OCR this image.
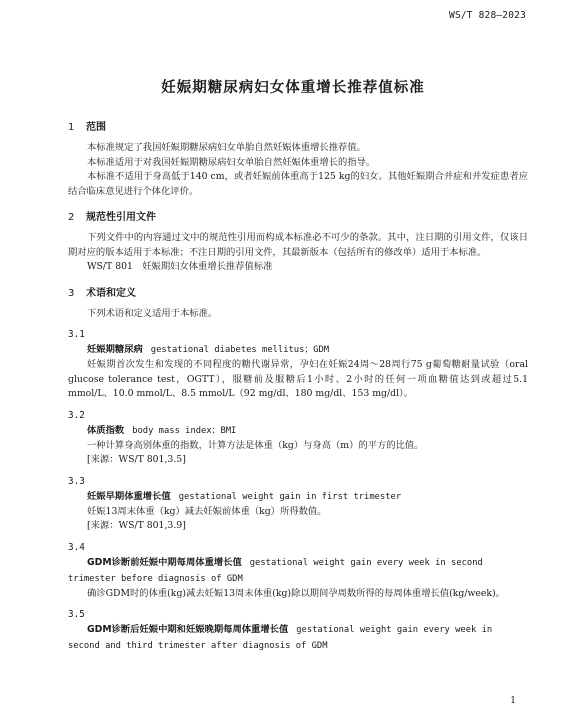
WS/T 828—2023
妊娠期糖尿病妇女体重增长推荐值标准

1 范围

本标准规定了我国妊娠期糖尿病妇女单胎自然妊娠体重增长推荐值。

本标准适用于对我国妊娠期糖尿病妇女单胎自然妊娠体重增长的指导。

本标准不适用于身高低于140 cm，或者妊娠前体重高于125 kg的妇女。其他妊娠期合并症和并发症患者应结合临床意见进行个体化评价。

2 规范性引用文件

下列文件中的内容通过文中的规范性引用而构成本标准必不可少的条款。其中，注日期的引用文件，仅该日期对应的版本适用于本标准；不注日期的引用文件，其最新版本（包括所有的修改单）适用于本标准。

WS/T 801　妊娠期妇女体重增长推荐值标准

3 术语和定义

下列术语和定义适用于本标准。

3.1

妊娠期糖尿病 gestational diabetes mellitus；GDM

妊娠期首次发生和发现的不同程度的糖代谢异常，孕妇在妊娠24周～28周行75 g葡萄糖耐量试验（oral glucose tolerance test，OGTT），服糖前及服糖后1小时、2小时的任何一项血糖值达到或超过5.1 mmol/L、10.0 mmol/L、8.5 mmol/L（92 mg/dl、180 mg/dl、153 mg/dl）。

3.2

体质指数 body mass index；BMI

一种计算身高别体重的指数，计算方法是体重（kg）与身高（m）的平方的比值。

[来源：WS/T 801,3.5]

3.3

妊娠早期体重增长值 gestational weight gain in first trimester

妊娠13周末体重（kg）减去妊娠前体重（kg）所得数值。

[来源：WS/T 801,3.9]

3.4

GDM诊断前妊娠中期每周体重增长值 gestational weight gain every week in second trimester before diagnosis of GDM

确诊GDM时的体重(kg)减去妊娠13周末体重(kg)除以期间孕周数所得的每周体重增长值(kg/week)。

3.5

GDM诊断后妊娠中期和妊娠晚期每周体重增长值 gestational weight gain every week in second and third trimester after diagnosis of GDM

1
